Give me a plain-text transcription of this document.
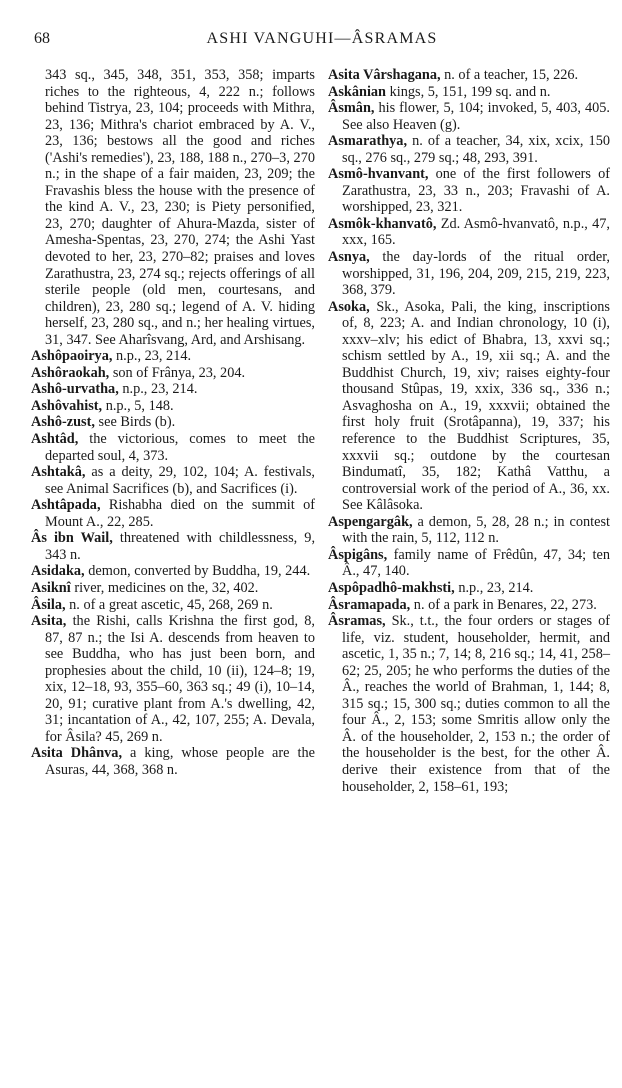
68	ASHI VANGUHI—ÂSRAMAS

343 sq., 345, 348, 351, 353, 358; imparts riches to the righteous, 4, 222 n.; follows behind Tistrya, 23, 104; proceeds with Mithra, 23, 136; Mithra's chariot embraced by A. V., 23, 136; bestows all the good and riches ('Ashi's remedies'), 23, 188, 188 n., 270–3, 270 n.; in the shape of a fair maiden, 23, 209; the Fravashis bless the house with the presence of the kind A. V., 23, 230; is Piety personified, 23, 270; daughter of Ahura-Mazda, sister of Amesha-Spentas, 23, 270, 274; the Ashi Yast devoted to her, 23, 270–82; praises and loves Zarathustra, 23, 274 sq.; rejects offerings of all sterile people (old men, courtesans, and children), 23, 280 sq.; legend of A. V. hiding herself, 23, 280 sq., and n.; her healing virtues, 31, 347. See Aharîsvang, Ard, and Arshisang.

Ashôpaoirya, n.p., 23, 214.

Ashôraokah, son of Frânya, 23, 204.

Ashô-urvatha, n.p., 23, 214.

Ashôvahist, n.p., 5, 148.

Ashô-zust, see Birds (b).

Ashtâd, the victorious, comes to meet the departed soul, 4, 373.

Ashtakâ, as a deity, 29, 102, 104; A. festivals, see Animal Sacrifices (b), and Sacrifices (i).

Ashtâpada, Rishabha died on the summit of Mount A., 22, 285.

Âs ibn Wail, threatened with childlessness, 9, 343 n.

Asidaka, demon, converted by Buddha, 19, 244.

Asiknî river, medicines on the, 32, 402.

Âsila, n. of a great ascetic, 45, 268, 269 n.

Asita, the Rishi, calls Krishna the first god, 8, 87, 87 n.; the Isi A. descends from heaven to see Buddha, who has just been born, and prophesies about the child, 10 (ii), 124–8; 19, xix, 12–18, 93, 355–60, 363 sq.; 49 (i), 10–14, 20, 91; curative plant from A.'s dwelling, 42, 31; incantation of A., 42, 107, 255; A. Devala, for Âsila? 45, 269 n.

Asita Dhânva, a king, whose people are the Asuras, 44, 368, 368 n.

Asita Vârshagana, n. of a teacher, 15, 226.

Askânian kings, 5, 151, 199 sq. and n.

Âsmân, his flower, 5, 104; invoked, 5, 403, 405. See also Heaven (g).

Asmarathya, n. of a teacher, 34, xix, xcix, 150 sq., 276 sq., 279 sq.; 48, 293, 391.

Asmô-hvanvant, one of the first followers of Zarathustra, 23, 33 n., 203; Fravashi of A. worshipped, 23, 321.

Asmôk-khanvatô, Zd. Asmô-hvanvatô, n.p., 47, xxx, 165.

Asnya, the day-lords of the ritual order, worshipped, 31, 196, 204, 209, 215, 219, 223, 368, 379.

Asoka, Sk., Asoka, Pali, the king, inscriptions of, 8, 223; A. and Indian chronology, 10 (i), xxxv–xlv; his edict of Bhabra, 13, xxvi sq.; schism settled by A., 19, xii sq.; A. and the Buddhist Church, 19, xiv; raises eighty-four thousand Stûpas, 19, xxix, 336 sq., 336 n.; Asvaghosha on A., 19, xxxvii; obtained the first holy fruit (Srotâpanna), 19, 337; his reference to the Buddhist Scriptures, 35, xxxvii sq.; outdone by the courtesan Bindumatî, 35, 182; Kathâ Vatthu, a controversial work of the period of A., 36, xx. See Kâlâsoka.

Aspengargâk, a demon, 5, 28, 28 n.; in contest with the rain, 5, 112, 112 n.

Âspigâns, family name of Frêdûn, 47, 34; ten Â., 47, 140.

Aspôpadhô-makhsti, n.p., 23, 214.

Âsramapada, n. of a park in Benares, 22, 273.

Âsramas, Sk., t.t., the four orders or stages of life, viz. student, householder, hermit, and ascetic, 1, 35 n.; 7, 14; 8, 216 sq.; 14, 41, 258–62; 25, 205; he who performs the duties of the Â., reaches the world of Brahman, 1, 144; 8, 315 sq.; 15, 300 sq.; duties common to all the four Â., 2, 153; some Smritis allow only the Â. of the householder, 2, 153 n.; the order of the householder is the best, for the other Â. derive their existence from that of the householder, 2, 158–61, 193;
